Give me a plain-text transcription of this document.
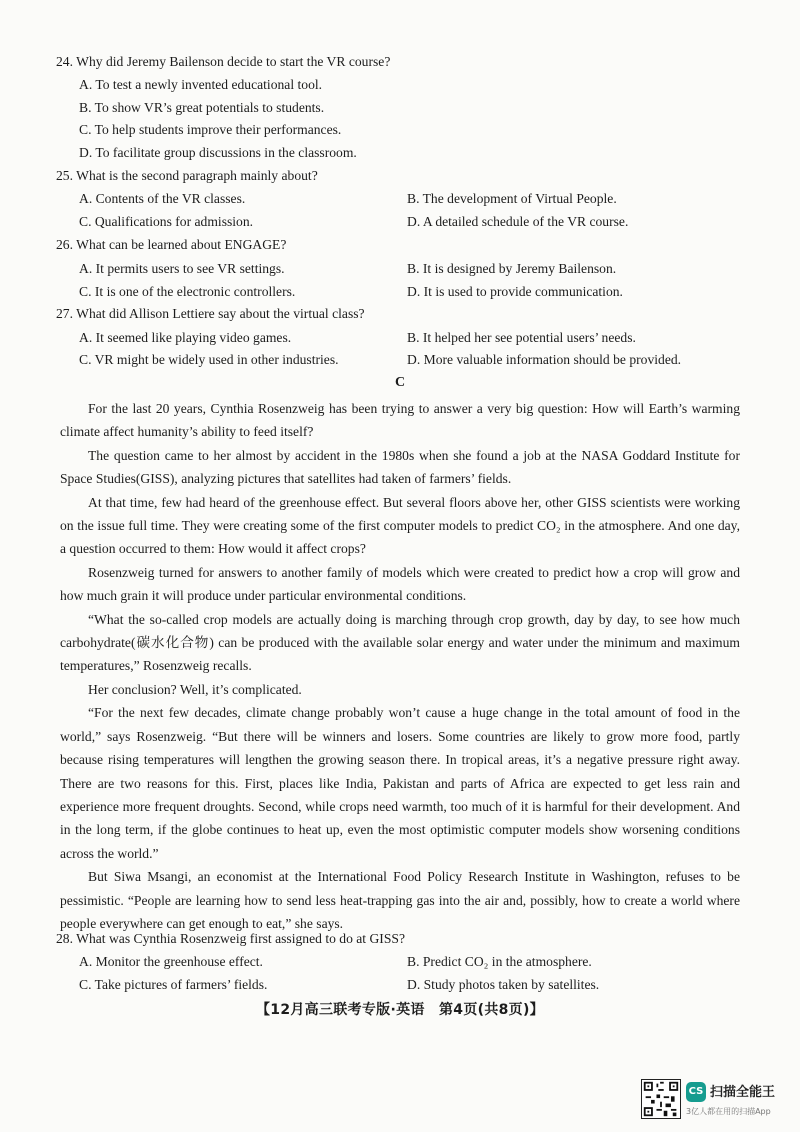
24. Why did Jeremy Bailenson decide to start the VR course?
A. To test a newly invented educational tool.
B. To show VR’s great potentials to students.
C. To help students improve their performances.
D. To facilitate group discussions in the classroom.
25. What is the second paragraph mainly about?
A. Contents of the VR classes.	B. The development of Virtual People.
C. Qualifications for admission.	D. A detailed schedule of the VR course.
26. What can be learned about ENGAGE?
A. It permits users to see VR settings.	B. It is designed by Jeremy Bailenson.
C. It is one of the electronic controllers.	D. It is used to provide communication.
27. What did Allison Lettiere say about the virtual class?
A. It seemed like playing video games.	B. It helped her see potential users’ needs.
C. VR might be widely used in other industries.	D. More valuable information should be provided.
C

For the last 20 years, Cynthia Rosenzweig has been trying to answer a very big question: How will Earth’s warming climate affect humanity’s ability to feed itself?

The question came to her almost by accident in the 1980s when she found a job at the NASA Goddard Institute for Space Studies(GISS), analyzing pictures that satellites had taken of farmers’ fields.

At that time, few had heard of the greenhouse effect. But several floors above her, other GISS scientists were working on the issue full time. They were creating some of the first computer models to predict CO₂ in the atmosphere. And one day, a question occurred to them: How would it affect crops?

Rosenzweig turned for answers to another family of models which were created to predict how a crop will grow and how much grain it will produce under particular environmental conditions.

“What the so-called crop models are actually doing is marching through crop growth, day by day, to see how much carbohydrate(碳水化合物) can be produced with the available solar energy and water under the minimum and maximum temperatures,” Rosenzweig recalls.

Her conclusion? Well, it’s complicated.

“For the next few decades, climate change probably won’t cause a huge change in the total amount of food in the world,” says Rosenzweig. “But there will be winners and losers. Some countries are likely to grow more food, partly because rising temperatures will lengthen the growing season there. In tropical areas, it’s a negative pressure right away. There are two reasons for this. First, places like India, Pakistan and parts of Africa are expected to get less rain and experience more frequent droughts. Second, while crops need warmth, too much of it is harmful for their development. And in the long term, if the globe continues to heat up, even the most optimistic computer models show worsening conditions across the world.”

But Siwa Msangi, an economist at the International Food Policy Research Institute in Washington, refuses to be pessimistic. “People are learning how to send less heat-trapping gas into the air and, possibly, how to create a world where people everywhere can get enough to eat,” she says.

28. What was Cynthia Rosenzweig first assigned to do at GISS?
A. Monitor the greenhouse effect.	B. Predict CO₂ in the atmosphere.
C. Take pictures of farmers’ fields.	D. Study photos taken by satellites.
【12月高三联考专版·英语　第4页(共8页)】
CS 扫描全能王
3亿人都在用的扫描App
